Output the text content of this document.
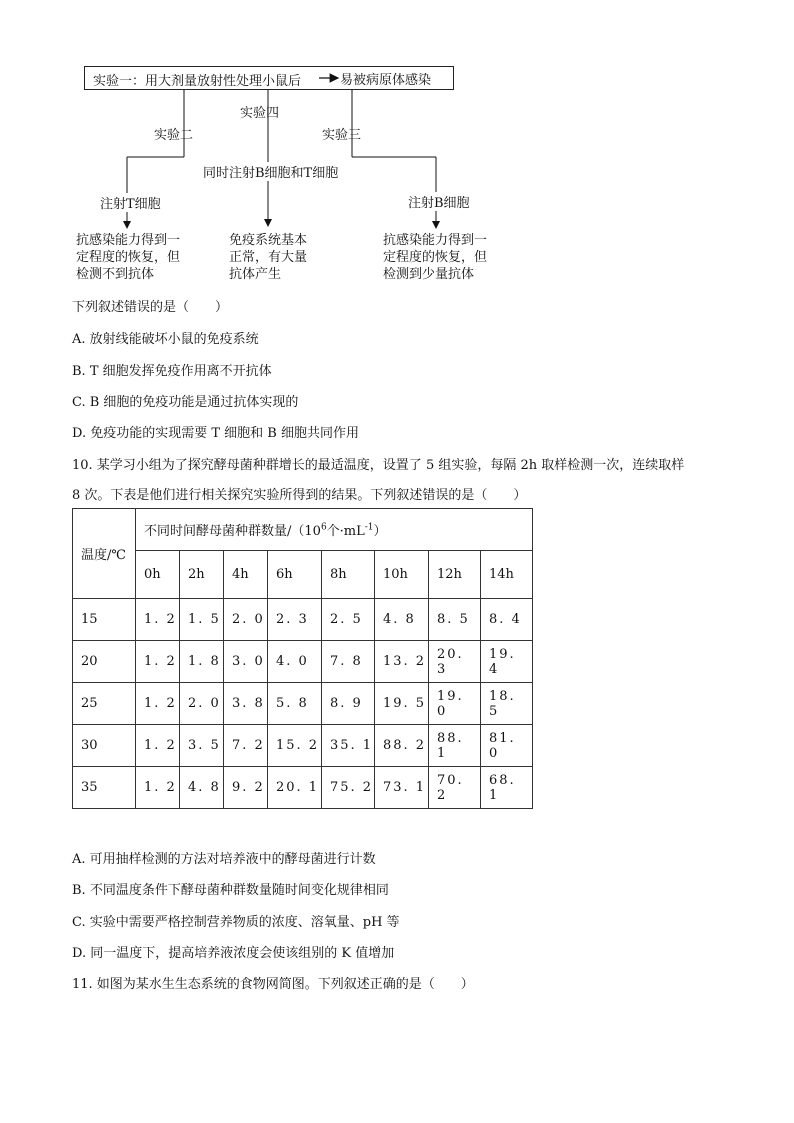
实验一：用大剂量放射性处理小鼠后	易被病原体感染
实验四
实验二	实验三
同时注射B细胞和T细胞
注射T细胞	注射B细胞
抗感染能力得到一定程度的恢复，但检测不到抗体
免疫系统基本正常，有大量抗体产生
抗感染能力得到一定程度的恢复，但检测到少量抗体
下列叙述错误的是（　　）
A. 放射线能破坏小鼠的免疫系统
B. T 细胞发挥免疫作用离不开抗体
C. B 细胞的免疫功能是通过抗体实现的
D. 免疫功能的实现需要 T 细胞和 B 细胞共同作用
10. 某学习小组为了探究酵母菌种群增长的最适温度，设置了 5 组实验，每隔 2h 取样检测一次，连续取样
8 次。下表是他们进行相关探究实验所得到的结果。下列叙述错误的是（　　）
温度/℃	不同时间酵母菌种群数量$/(10^6$个$\cdot mL^{-1}$）							
	0h	2h	4h	6h	8h	10h	12h	14h
15	1. 2	1. 5	2. 0	2. 3	2. 5	4. 8	8. 5	8. 4
20	1. 2	1. 8	3. 0	4. 0	7. 8	13. 2	20. 3	19. 4
25	1. 2	2. 0	3. 8	5. 8	8. 9	19. 5	19. 0	18. 5
30	1. 2	3. 5	7. 2	15. 2	35. 1	88. 2	88. 1	81. 0
35	1. 2	4. 8	9. 2	20. 1	75. 2	73. 1	70. 2	68. 1
A. 可用抽样检测的方法对培养液中的酵母菌进行计数
B. 不同温度条件下酵母菌种群数量随时间变化规律相同
C. 实验中需要严格控制营养物质的浓度、溶氧量、pH 等
D. 同一温度下，提高培养液浓度会使该组别的 K 值增加
11. 如图为某水生生态系统的食物网简图。下列叙述正确的是（　　）
